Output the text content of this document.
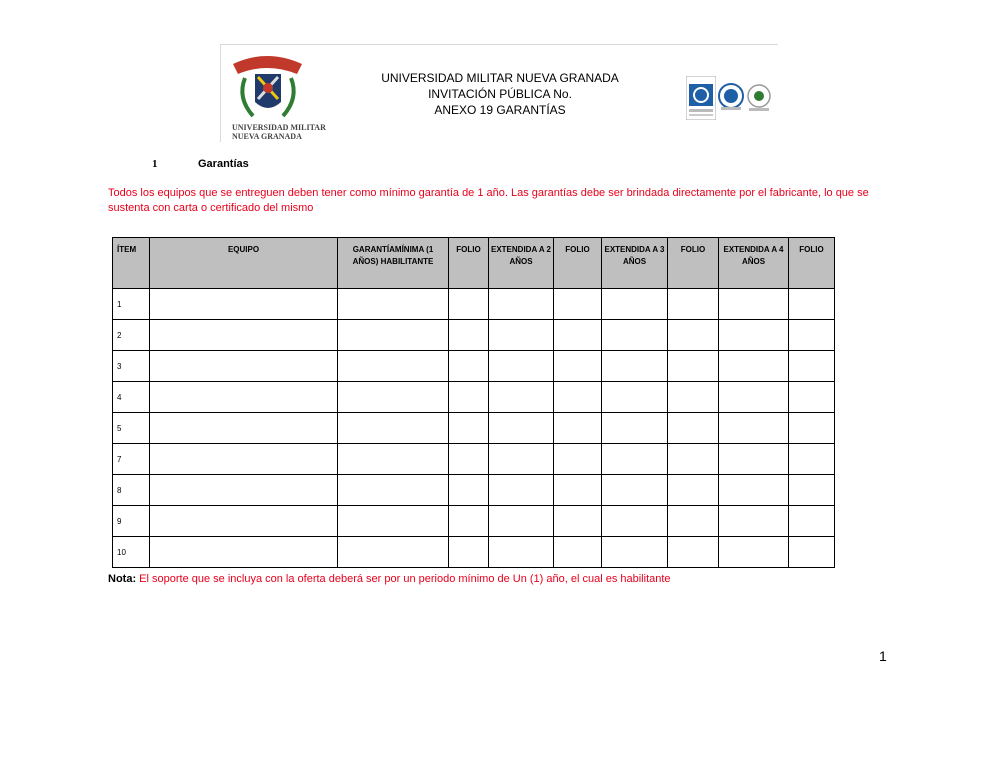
UNIVERSIDAD MILITAR
NUEVA GRANADA
UNIVERSIDAD MILITAR NUEVA GRANADA
INVITACIÓN PÚBLICA No.
ANEXO 19 GARANTÍAS
1	Garantías
Todos los equipos que se entreguen deben tener como mínimo garantía de 1 año. Las garantías debe ser brindada directamente por el fabricante, lo que se sustenta con carta o certificado del mismo
ÍTEM	EQUIPO	GARANTÍAMÍNIMA (1 AÑOS) HABILITANTE	FOLIO	EXTENDIDA A 2 AÑOS	FOLIO	EXTENDIDA A 3 AÑOS	FOLIO	EXTENDIDA A 4 AÑOS	FOLIO
1									
2									
3									
4									
5									
7									
8									
9									
10									
Nota: El soporte que se incluya con la oferta deberá ser por un periodo mínimo de Un (1) año, el cual es habilitante
1
